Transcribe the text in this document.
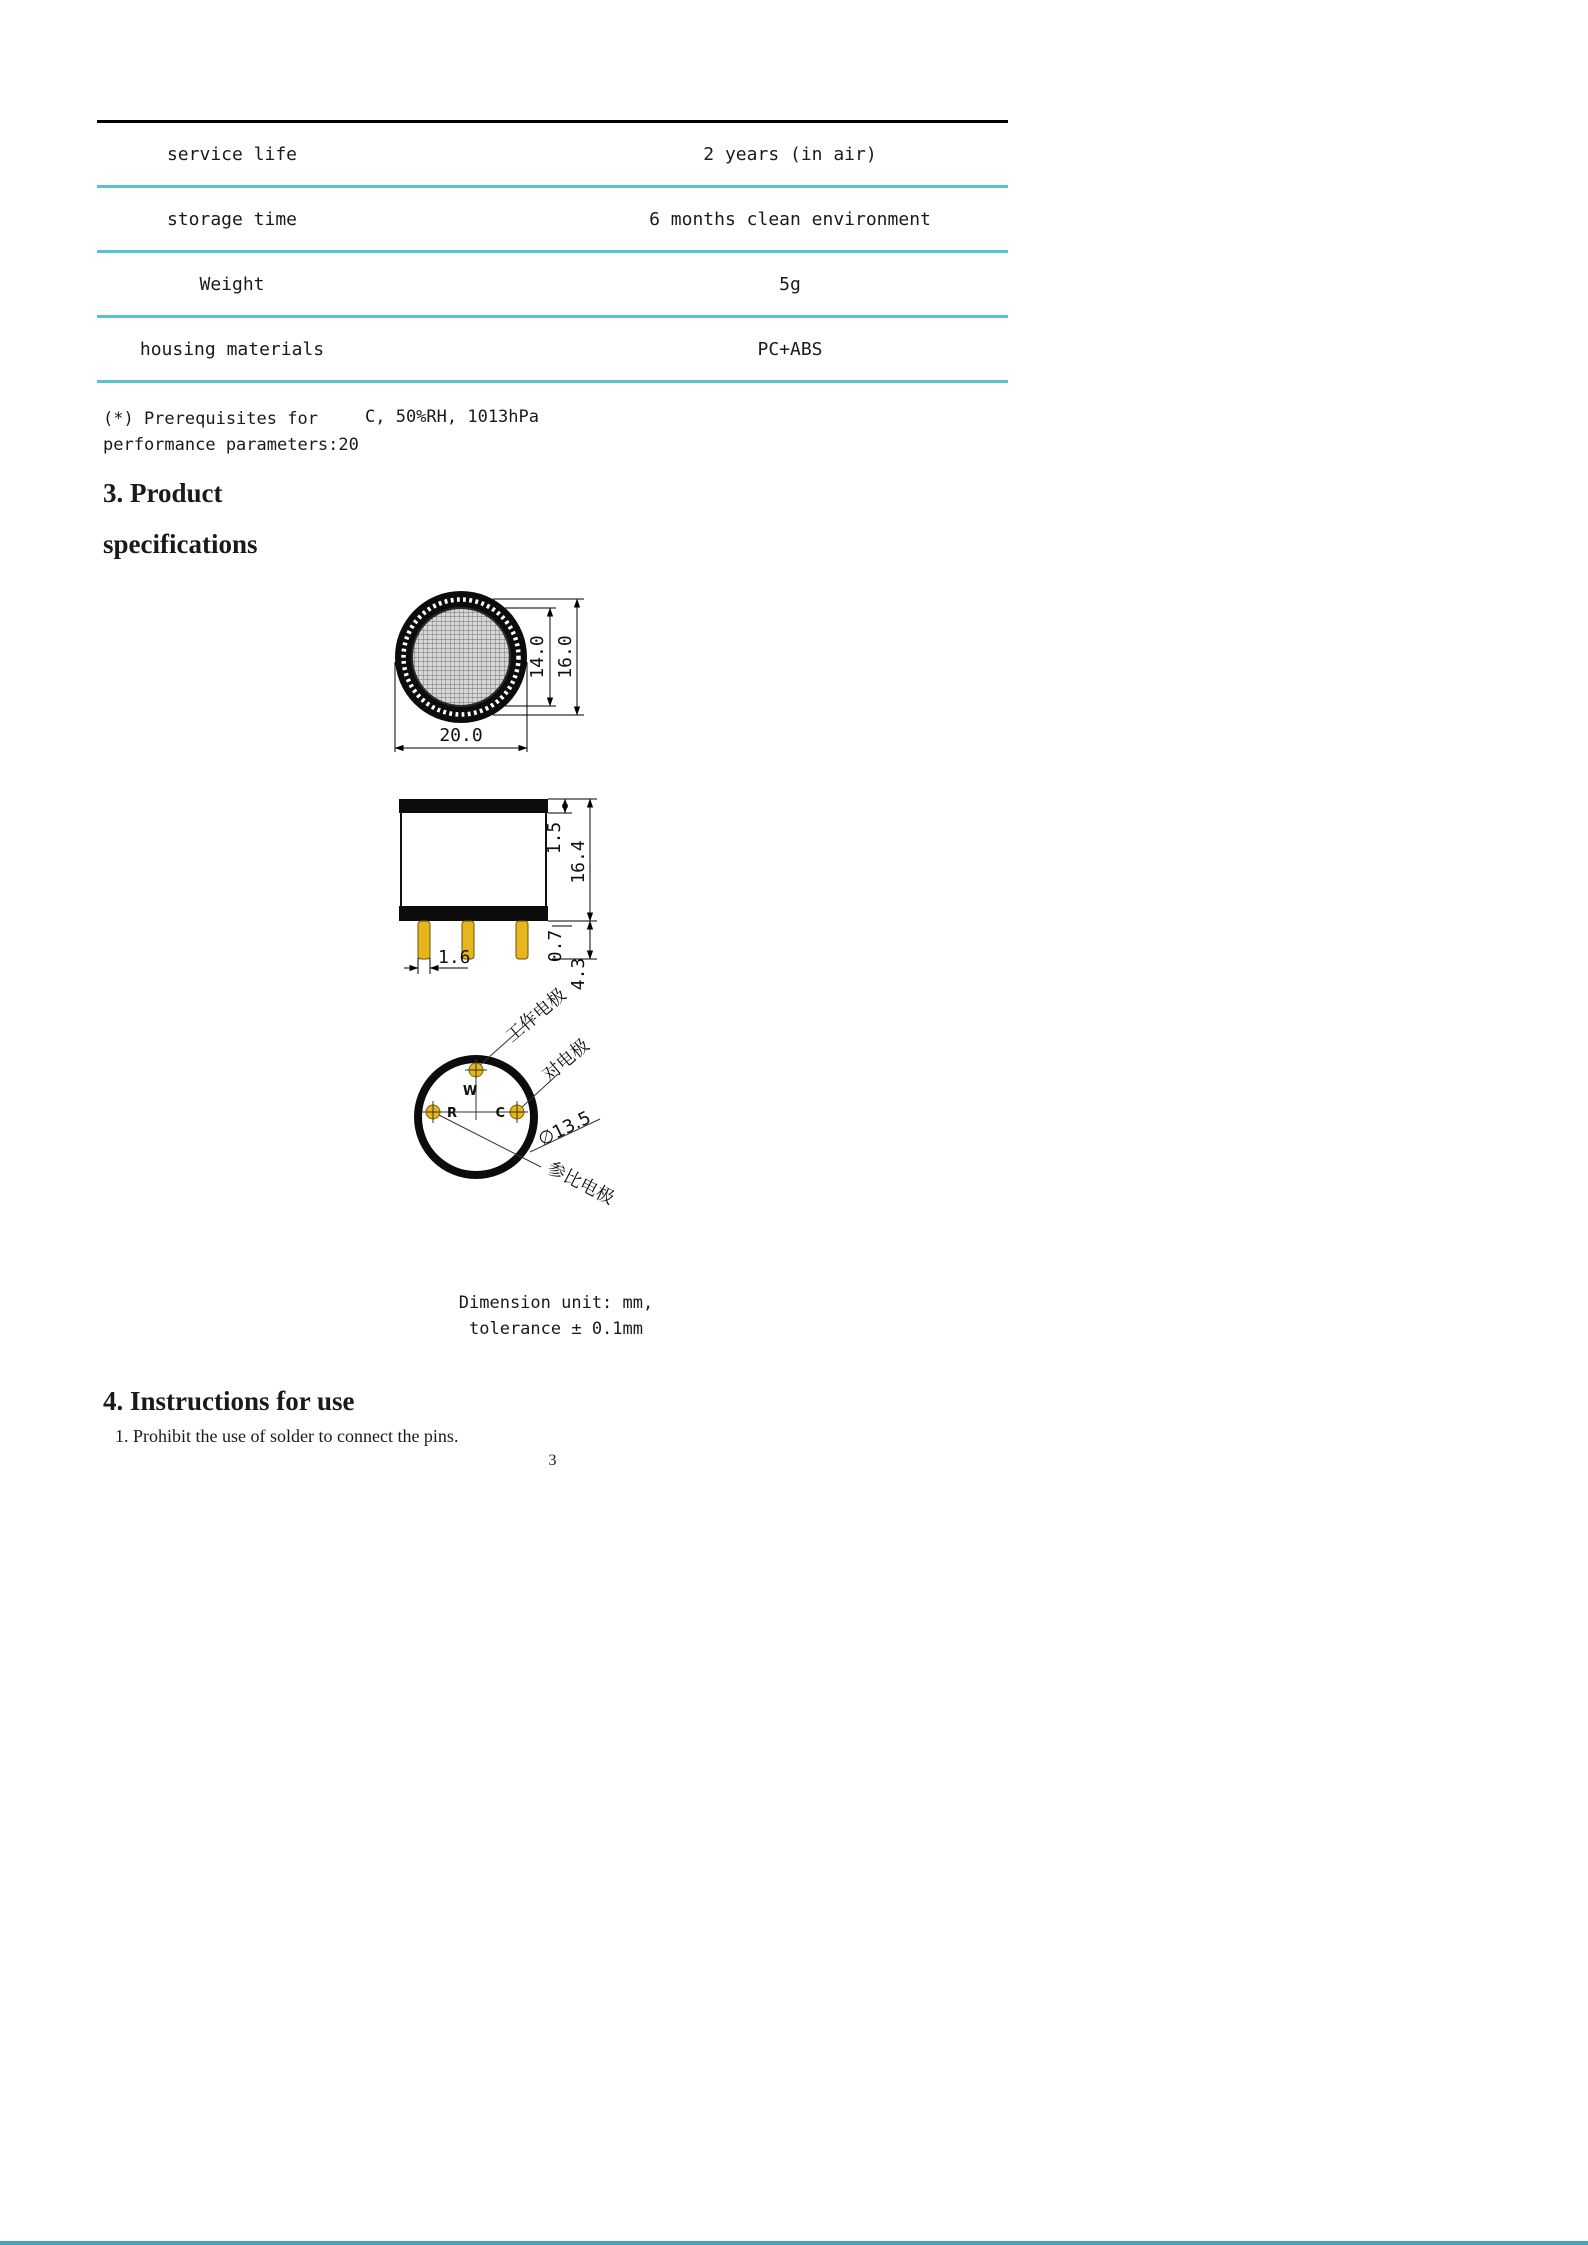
service life	2 years (in air)
storage time	6 months clean environment
Weight	5g
housing materials	PC+ABS
(*) Prerequisites for
performance parameters:20
C, 50%RH, 1013hPa
3. Product
specifications
14.0 16.0
20.0
1.5
16.4
0.7
4.3
1.6
W
R	C
工作电极
对电极
∅13.5
参比电极
Dimension unit: mm,
tolerance ± 0.1mm
4. Instructions for use
1. Prohibit the use of solder to connect the pins.
3
